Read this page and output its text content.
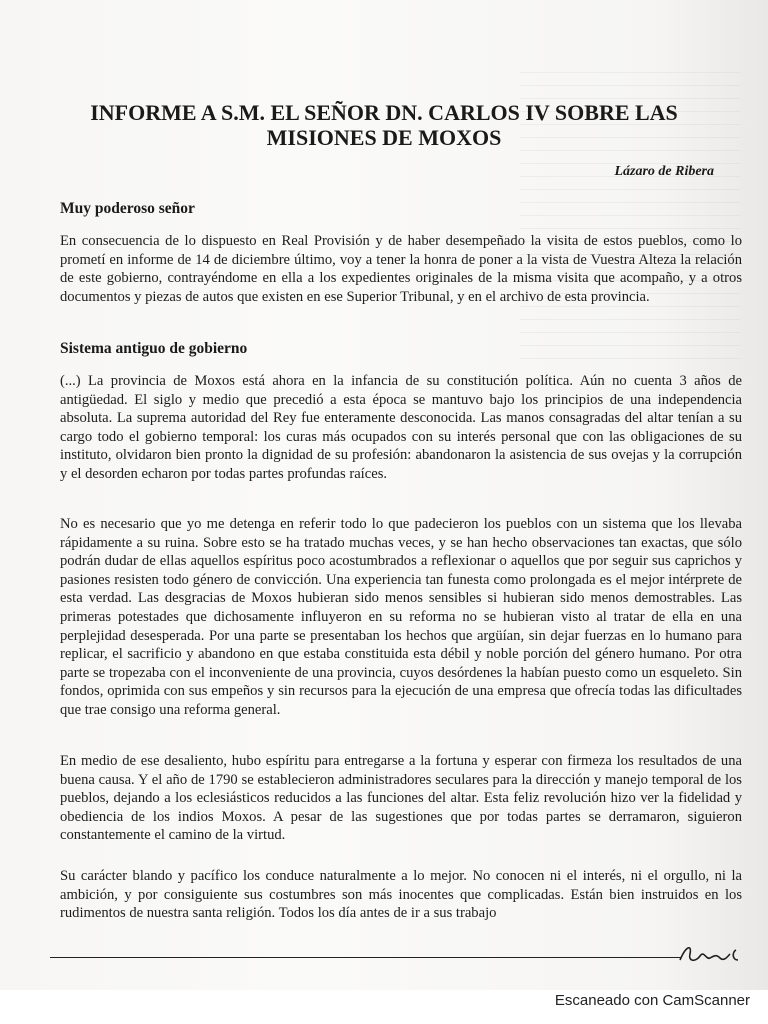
INFORME A S.M. EL SEÑOR DN. CARLOS IV SOBRE LAS MISIONES DE MOXOS
Lázaro de Ribera
Muy poderoso señor

En consecuencia de lo dispuesto en Real Provisión y de haber desempeñado la visita de estos pueblos, como lo prometí en informe de 14 de diciembre último, voy a tener la honra de poner a la vista de Vuestra Alteza la relación de este gobierno, contrayéndome en ella a los expedientes originales de la misma visita que acompaño, y a otros documentos y piezas de autos que existen en ese Superior Tribunal, y en el archivo de esta provincia.

Sistema antiguo de gobierno

(...) La provincia de Moxos está ahora en la infancia de su constitución política. Aún no cuenta 3 años de antigüedad. El siglo y medio que precedió a esta época se mantuvo bajo los principios de una independencia absoluta. La suprema autoridad del Rey fue enteramente desconocida. Las manos consagradas del altar tenían a su cargo todo el gobierno temporal: los curas más ocupados con su interés personal que con las obligaciones de su instituto, olvidaron bien pronto la dignidad de su profesión: abandonaron la asistencia de sus ovejas y la corrupción y el desorden echaron por todas partes profundas raíces.

No es necesario que yo me detenga en referir todo lo que padecieron los pueblos con un sistema que los llevaba rápidamente a su ruina. Sobre esto se ha tratado muchas veces, y se han hecho observaciones tan exactas, que sólo podrán dudar de ellas aquellos espíritus poco acostumbrados a reflexionar o aquellos que por seguir sus caprichos y pasiones resisten todo género de convicción. Una experiencia tan funesta como prolongada es el mejor intérprete de esta verdad. Las desgracias de Moxos hubieran sido menos sensibles si hubieran sido menos demostrables. Las primeras potestades que dichosamente influyeron en su reforma no se hubieran visto al tratar de ella en una perplejidad desesperada. Por una parte se presentaban los hechos que argüían, sin dejar fuerzas en lo humano para replicar, el sacrificio y abandono en que estaba constituida esta débil y noble porción del género humano. Por otra parte se tropezaba con el inconveniente de una provincia, cuyos desórdenes la habían puesto como un esqueleto. Sin fondos, oprimida con sus empeños y sin recursos para la ejecución de una empresa que ofrecía todas las dificultades que trae consigo una reforma general.

En medio de ese desaliento, hubo espíritu para entregarse a la fortuna y esperar con firmeza los resultados de una buena causa. Y el año de 1790 se establecieron administradores seculares para la dirección y manejo temporal de los pueblos, dejando a los eclesiásticos reducidos a las funciones del altar. Esta feliz revolución hizo ver la fidelidad y obediencia de los indios Moxos. A pesar de las sugestiones que por todas partes se derramaron, siguieron constantemente el camino de la virtud.

Su carácter blando y pacífico los conduce naturalmente a lo mejor. No conocen ni el interés, ni el orgullo, ni la ambición, y por consiguiente sus costumbres son más inocentes que complicadas. Están bien instruidos en los rudimentos de nuestra santa religión. Todos los día antes de ir a sus trabajo

Escaneado con CamScanner
